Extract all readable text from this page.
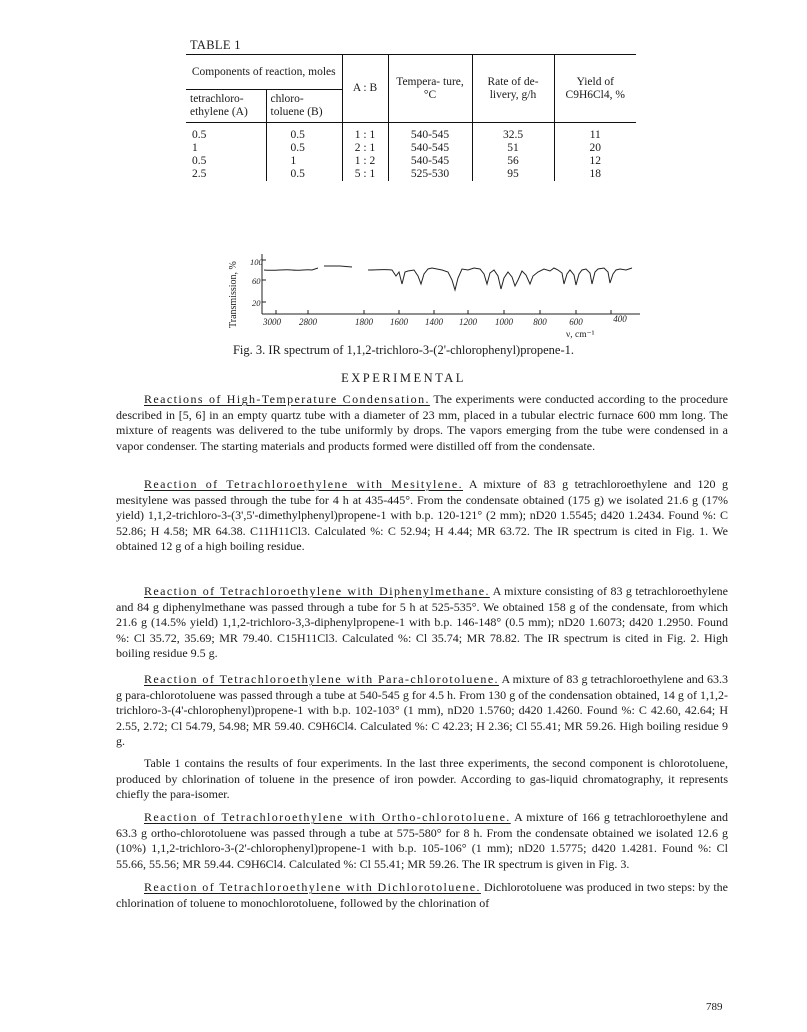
TABLE 1
Components of reaction, moles		A : B	Tempera- ture, °C	Rate of de- livery, g/h	Yield of C9H6Cl4, %
tetrachloro- ethylene (A)	chloro- toluene (B)				
0.5	0.5	1 : 1	540-545	32.5	11
1	0.5	2 : 1	540-545	51	20
0.5	1	1 : 2	540-545	56	12
2.5	0.5	5 : 1	525-530	95	18
Transmission, % 100
60
20
3000 2800	1800 1600 1400 1200 1000 800	600	400
ν, cm⁻¹
Fig. 3. IR spectrum of 1,1,2-trichloro-3-(2'-chlorophenyl)propene-1.
EXPERIMENTAL
Reactions of High-Temperature Condensation. The experiments were conducted according to the procedure described in [5, 6] in an empty quartz tube with a diameter of 23 mm, placed in a tubular electric furnace 600 mm long. The mixture of reagents was delivered to the tube uniformly by drops. The vapors emerging from the tube were condensed in a vapor condenser. The starting materials and products formed were distilled off from the condensate.
Reaction of Tetrachloroethylene with Mesitylene. A mixture of 83 g tetrachloroethylene and 120 g mesitylene was passed through the tube for 4 h at 435-445°. From the condensate obtained (175 g) we isolated 21.6 g (17% yield) 1,1,2-trichloro-3-(3',5'-dimethylphenyl)propene-1 with b.p. 120-121° (2 mm); nD20 1.5545; d420 1.2434. Found %: C 52.86; H 4.58; MR 64.38. C11H11Cl3. Calculated %: C 52.94; H 4.44; MR 63.72. The IR spectrum is cited in Fig. 1. We obtained 12 g of a high boiling residue.
Reaction of Tetrachloroethylene with Diphenylmethane. A mixture consisting of 83 g tetrachloroethylene and 84 g diphenylmethane was passed through a tube for 5 h at 525-535°. We obtained 158 g of the condensate, from which 21.6 g (14.5% yield) 1,1,2-trichloro-3,3-diphenylpropene-1 with b.p. 146-148° (0.5 mm); nD20 1.6073; d420 1.2950. Found %: Cl 35.72, 35.69; MR 79.40. C15H11Cl3. Calculated %: Cl 35.74; MR 78.82. The IR spectrum is cited in Fig. 2. High boiling residue 9.5 g.
Reaction of Tetrachloroethylene with Para-chlorotoluene. A mixture of 83 g tetrachloroethylene and 63.3 g para-chlorotoluene was passed through a tube at 540-545 g for 4.5 h. From 130 g of the condensation obtained, 14 g of 1,1,2-trichloro-3-(4'-chlorophenyl)propene-1 with b.p. 102-103° (1 mm), nD20 1.5760; d420 1.4260. Found %: C 42.60, 42.64; H 2.55, 2.72; Cl 54.79, 54.98; MR 59.40. C9H6Cl4. Calculated %: C 42.23; H 2.36; Cl 55.41; MR 59.26. High boiling residue 9 g.
Table 1 contains the results of four experiments. In the last three experiments, the second component is chlorotoluene, produced by chlorination of toluene in the presence of iron powder. According to gas-liquid chromatography, it represents chiefly the para-isomer.
Reaction of Tetrachloroethylene with Ortho-chlorotoluene. A mixture of 166 g tetrachloroethylene and 63.3 g ortho-chlorotoluene was passed through a tube at 575-580° for 8 h. From the condensate obtained we isolated 12.6 g (10%) 1,1,2-trichloro-3-(2'-chlorophenyl)propene-1 with b.p. 105-106° (1 mm); nD20 1.5775; d420 1.4281. Found %: Cl 55.66, 55.56; MR 59.44. C9H6Cl4. Calculated %: Cl 55.41; MR 59.26. The IR spectrum is given in Fig. 3.
Reaction of Tetrachloroethylene with Dichlorotoluene. Dichlorotoluene was produced in two steps: by the chlorination of toluene to monochlorotoluene, followed by the chlorination of
789
